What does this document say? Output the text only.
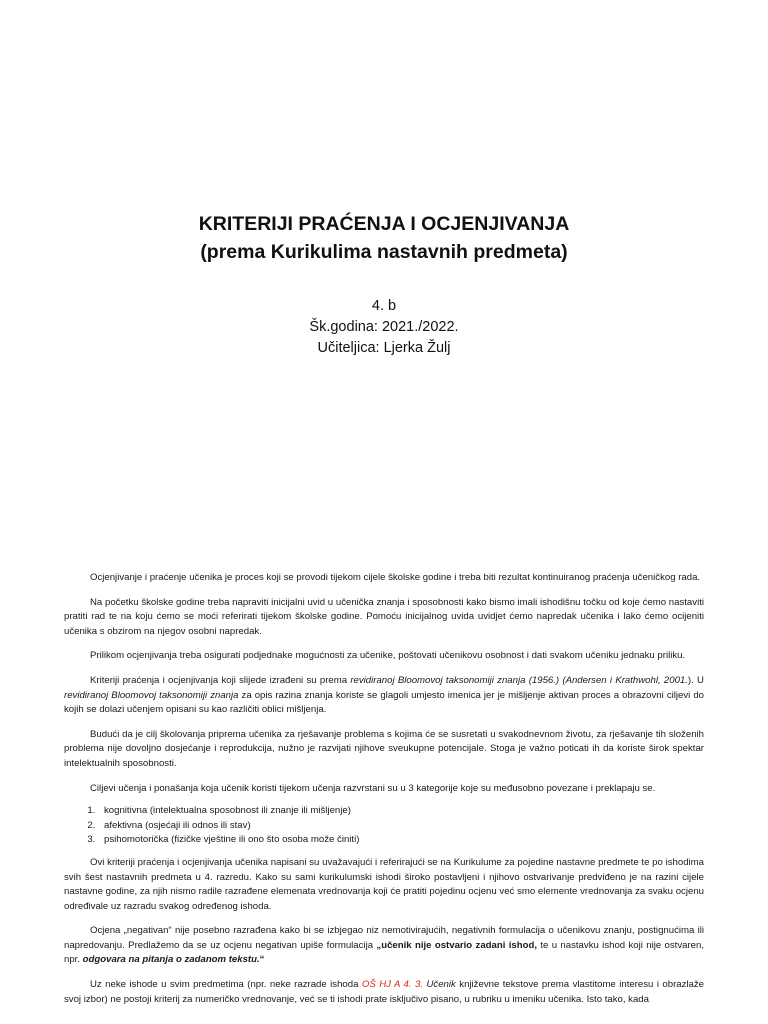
KRITERIJI PRAĆENJA I OCJENJIVANJA
(prema Kurikulima nastavnih predmeta)
4. b
Šk.godina: 2021./2022.
Učiteljica: Ljerka Žulj

Ocjenjivanje i praćenje učenika je proces koji se provodi tijekom cijele školske godine i treba biti rezultat kontinuiranog praćenja učeničkog rada.

Na početku školske godine treba napraviti inicijalni uvid u učenička znanja i sposobnosti kako bismo imali ishodišnu točku od koje ćemo nastaviti pratiti rad te na koju ćemo se moći referirati tijekom školske godine. Pomoću inicijalnog uvida uvidjet ćemo napredak učenika i lako ćemo ocijeniti učenika s obzirom na njegov osobni napredak.

Prilikom ocjenjivanja treba osigurati podjednake mogućnosti za učenike, poštovati učenikovu osobnost i dati svakom učeniku jednaku priliku.

Kriteriji praćenja i ocjenjivanja koji slijede izrađeni su prema revidiranoj Bloomovoj taksonomiji znanja (1956.) (Andersen i Krathwohl, 2001.). U revidiranoj Bloomovoj taksonomiji znanja za opis razina znanja koriste se glagoli umjesto imenica jer je mišljenje aktivan proces a obrazovni ciljevi do kojih se dolazi učenjem opisani su kao različiti oblici mišljenja.

Budući da je cilj školovanja priprema učenika za rješavanje problema s kojima će se susretati u svakodnevnom životu, za rješavanje tih složenih problema nije dovoljno dosjećanje i reprodukcija, nužno je razvijati njihove sveukupne potencijale. Stoga je važno poticati ih da koriste širok spektar intelektualnih sposobnosti.

Ciljevi učenja i ponašanja koja učenik koristi tijekom učenja razvrstani su u 3 kategorije koje su međusobno povezane i preklapaju se.

1. kognitivna (intelektualna sposobnost ili znanje ili mišljenje)
2. afektivna (osjećaji ili odnos ili stav)
3. psihomotorička (fizičke vještine ili ono što osoba može činiti)

Ovi kriteriji praćenja i ocjenjivanja učenika napisani su uvažavajući i referirajući se na Kurikulume za pojedine nastavne predmete te po ishodima svih šest nastavnih predmeta u 4. razredu. Kako su sami kurikulumski ishodi široko postavljeni i njihovo ostvarivanje predviđeno je na razini cijele nastavne godine, za njih nismo radile razrađene elemenata vrednovanja koji će pratiti pojedinu ocjenu već smo elemente vrednovanja za svaku ocjenu određivale uz razradu svakog određenog ishoda.

Ocjena „negativan“ nije posebno razrađena kako bi se izbjegao niz nemotivirajućih, negativnih formulacija o učenikovu znanju, postignućima ili napredovanju. Predlažemo da se uz ocjenu negativan upiše formulacija „učenik nije ostvario zadani ishod, te u nastavku ishod koji nije ostvaren, npr. odgovara na pitanja o zadanom tekstu.“

Uz neke ishode u svim predmetima (npr. neke razrade ishoda OŠ HJ A 4. 3. Učenik književne tekstove prema vlastitome interesu i obrazlaže svoj izbor) ne postoji kriterij za numeričko vrednovanje, već se ti ishodi prate isključivo pisano, u rubriku u imeniku učenika. Isto tako, kada
